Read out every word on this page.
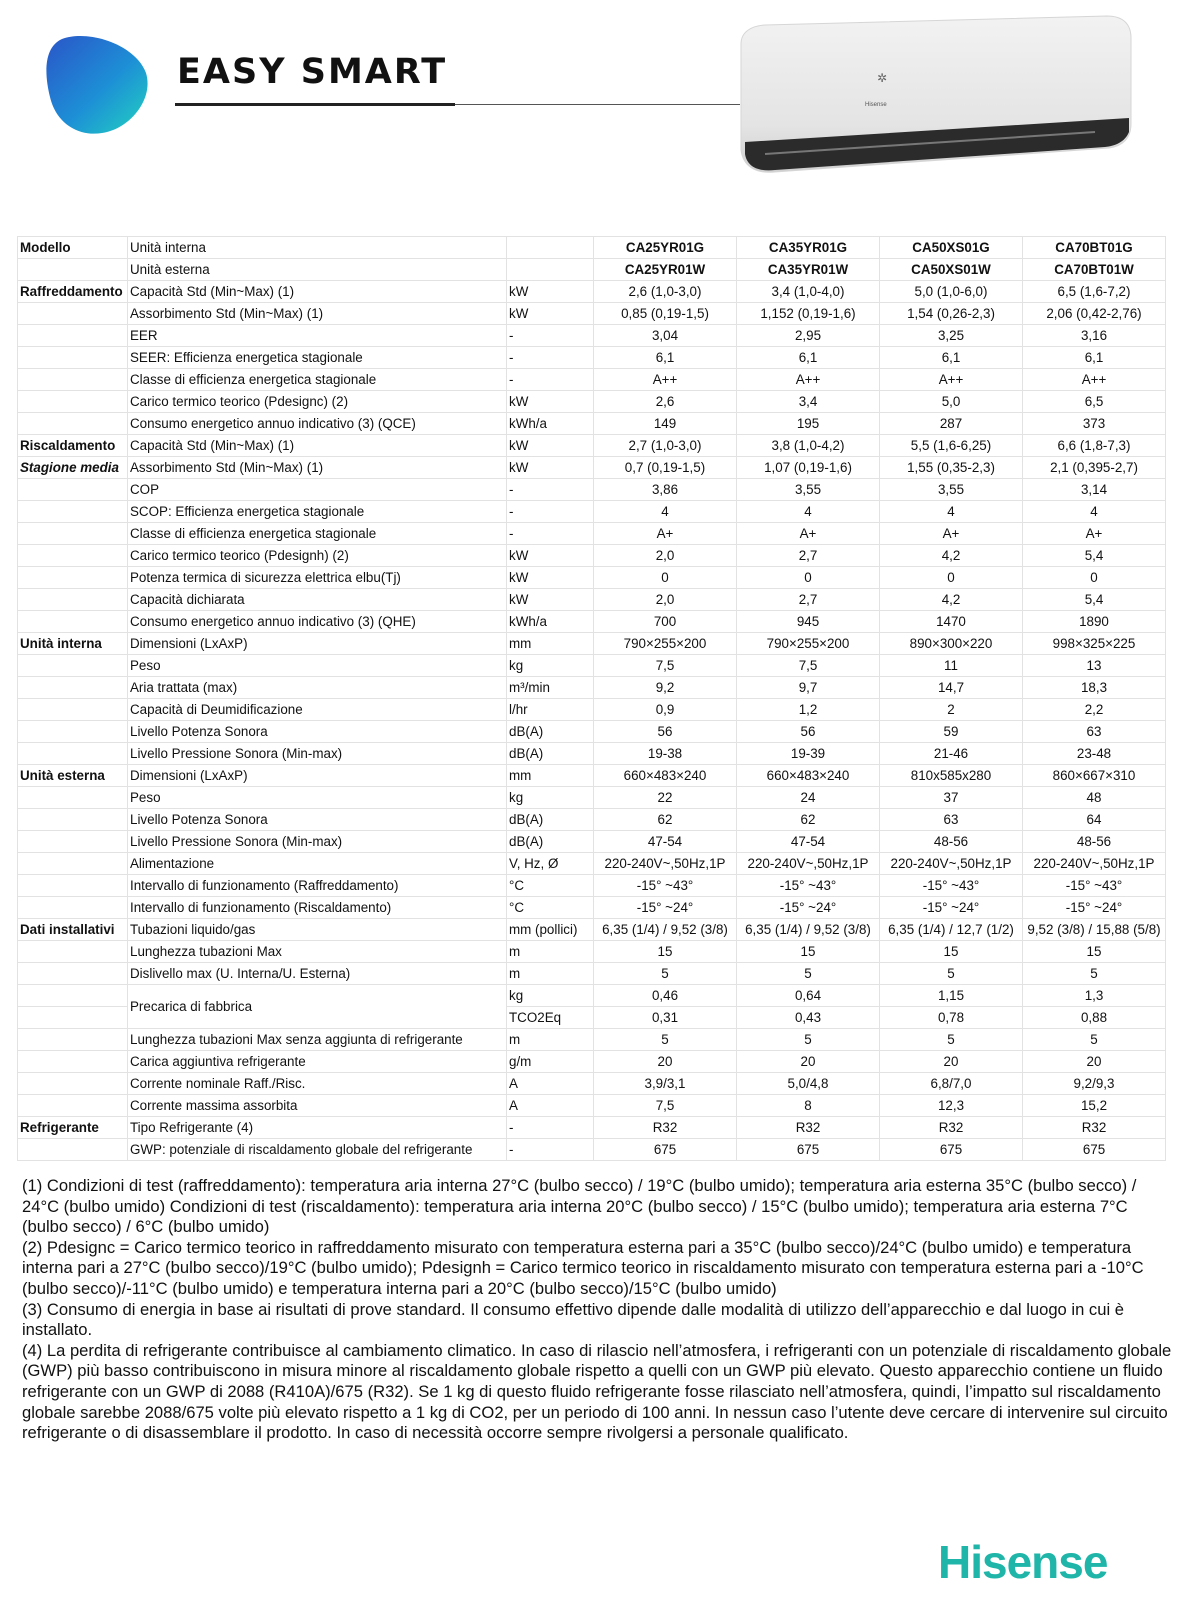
EASY SMART	✲
Hisense
Modello	Unità interna		CA25YR01G	CA35YR01G	CA50XS01G	CA70BT01G
	Unità esterna		CA25YR01W	CA35YR01W	CA50XS01W	CA70BT01W
Raffreddamento	Capacità Std (Min~Max) (1)	kW	2,6 (1,0-3,0)	3,4 (1,0-4,0)	5,0 (1,0-6,0)	6,5 (1,6-7,2)
	Assorbimento Std (Min~Max) (1)	kW	0,85 (0,19-1,5)	1,152 (0,19-1,6)	1,54 (0,26-2,3)	2,06 (0,42-2,76)
	EER	-	3,04	2,95	3,25	3,16
	SEER: Efficienza energetica stagionale	-	6,1	6,1	6,1	6,1
	Classe di efficienza energetica stagionale	-	A++	A++	A++	A++
	Carico termico teorico (Pdesignc) (2)	kW	2,6	3,4	5,0	6,5
	Consumo energetico annuo indicativo (3) (QCE)	kWh/a	149	195	287	373
Riscaldamento	Capacità Std (Min~Max) (1)	kW	2,7 (1,0-3,0)	3,8 (1,0-4,2)	5,5 (1,6-6,25)	6,6 (1,8-7,3)
Stagione media	Assorbimento Std (Min~Max) (1)	kW	0,7 (0,19-1,5)	1,07 (0,19-1,6)	1,55 (0,35-2,3)	2,1 (0,395-2,7)
	COP	-	3,86	3,55	3,55	3,14
	SCOP: Efficienza energetica stagionale	-	4	4	4	4
	Classe di efficienza energetica stagionale	-	A+	A+	A+	A+
	Carico termico teorico (Pdesignh) (2)	kW	2,0	2,7	4,2	5,4
	Potenza termica di sicurezza elettrica elbu(Tj)	kW	0	0	0	0
	Capacità dichiarata	kW	2,0	2,7	4,2	5,4
	Consumo energetico annuo indicativo (3) (QHE)	kWh/a	700	945	1470	1890
Unità interna	Dimensioni (LxAxP)	mm	790×255×200	790×255×200	890×300×220	998×325×225
	Peso	kg	7,5	7,5	11	13
	Aria trattata (max)	m³/min	9,2	9,7	14,7	18,3
	Capacità di Deumidificazione	l/hr	0,9	1,2	2	2,2
	Livello Potenza Sonora	dB(A)	56	56	59	63
	Livello Pressione Sonora (Min-max)	dB(A)	19-38	19-39	21-46	23-48
Unità esterna	Dimensioni (LxAxP)	mm	660×483×240	660×483×240	810x585x280	860×667×310
	Peso	kg	22	24	37	48
	Livello Potenza Sonora	dB(A)	62	62	63	64
	Livello Pressione Sonora (Min-max)	dB(A)	47-54	47-54	48-56	48-56
	Alimentazione	V, Hz, Ø	220-240V~,50Hz,1P	220-240V~,50Hz,1P	220-240V~,50Hz,1P	220-240V~,50Hz,1P
	Intervallo di funzionamento (Raffreddamento)	°C	-15° ~43°	-15° ~43°	-15° ~43°	-15° ~43°
	Intervallo di funzionamento (Riscaldamento)	°C	-15° ~24°	-15° ~24°	-15° ~24°	-15° ~24°
Dati installativi	Tubazioni liquido/gas	mm (pollici)	6,35 (1/4) / 9,52 (3/8)	6,35 (1/4) / 9,52 (3/8)	6,35 (1/4) / 12,7 (1/2)	9,52 (3/8) / 15,88 (5/8)
	Lunghezza tubazioni Max	m	15	15	15	15
	Dislivello max (U. Interna/U. Esterna)	m	5	5	5	5
	Precarica di fabbrica	kg	0,46	0,64	1,15	1,3
		TCO2Eq	0,31	0,43	0,78	0,88
	Lunghezza tubazioni Max senza aggiunta di refrigerante	m	5	5	5	5
	Carica aggiuntiva refrigerante	g/m	20	20	20	20
	Corrente nominale Raff./Risc.	A	3,9/3,1	5,0/4,8	6,8/7,0	9,2/9,3
	Corrente massima assorbita	A	7,5	8	12,3	15,2
Refrigerante	Tipo Refrigerante (4)	-	R32	R32	R32	R32
	GWP: potenziale di riscaldamento globale del refrigerante	-	675	675	675	675

(1) Condizioni di test (raffreddamento): temperatura aria interna 27°C (bulbo secco) / 19°C (bulbo umido); temperatura aria esterna 35°C (bulbo secco) / 24°C (bulbo umido) Condizioni di test (riscaldamento): temperatura aria interna 20°C (bulbo secco) / 15°C (bulbo umido); temperatura aria esterna 7°C (bulbo secco) / 6°C (bulbo umido)

(2) Pdesignc = Carico termico teorico in raffreddamento misurato con temperatura esterna pari a 35°C (bulbo secco)/24°C (bulbo umido) e temperatura interna pari a 27°C (bulbo secco)/19°C (bulbo umido); Pdesignh = Carico termico teorico in riscaldamento misurato con temperatura esterna pari a -10°C (bulbo secco)/-11°C (bulbo umido) e temperatura interna pari a 20°C (bulbo secco)/15°C (bulbo umido)

(3) Consumo di energia in base ai risultati di prove standard. Il consumo effettivo dipende dalle modalità di utilizzo dell’apparecchio e dal luogo in cui è installato.

(4) La perdita di refrigerante contribuisce al cambiamento climatico. In caso di rilascio nell’atmosfera, i refrigeranti con un potenziale di riscaldamento globale (GWP) più basso contribuiscono in misura minore al riscaldamento globale rispetto a quelli con un GWP più elevato. Questo apparecchio contiene un fluido refrigerante con un GWP di 2088 (R410A)/675 (R32). Se 1 kg di questo fluido refrigerante fosse rilasciato nell’atmosfera, quindi, l’impatto sul riscaldamento globale sarebbe 2088/675 volte più elevato rispetto a 1 kg di CO2, per un periodo di 100 anni. In nessun caso l’utente deve cercare di intervenire sul circuito refrigerante o di disassemblare il prodotto. In caso di necessità occorre sempre rivolgersi a personale qualificato.

Hisense
